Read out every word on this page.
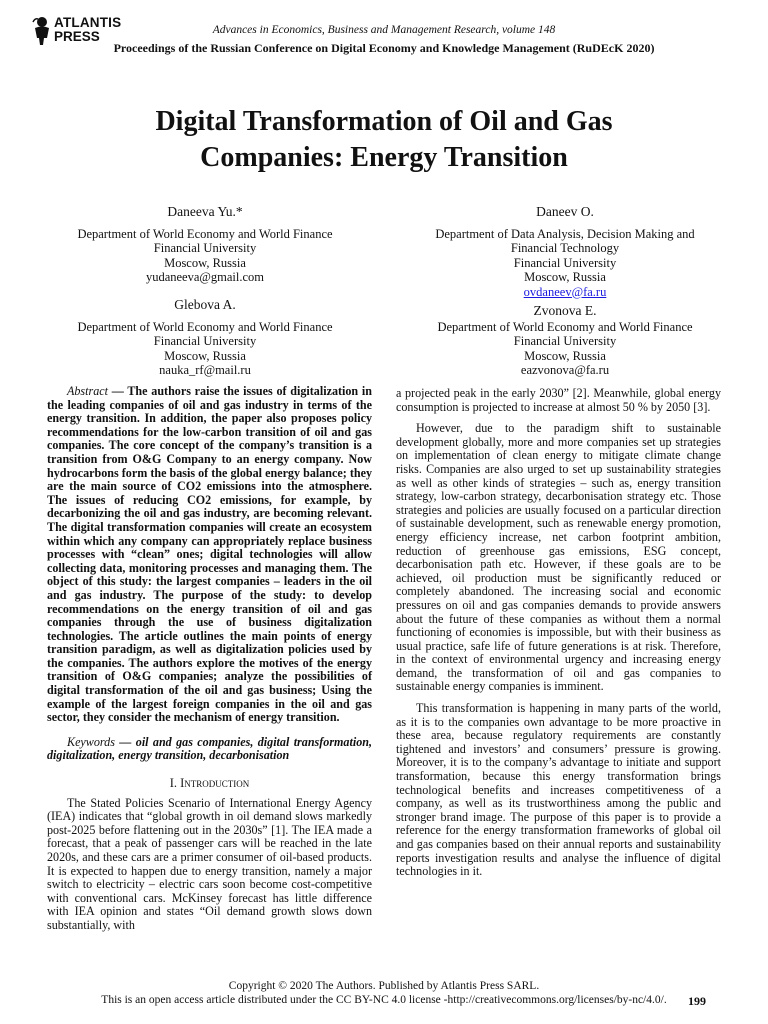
ATLANTIS
PRESS	Advances in Economics, Business and Management Research, volume 148
Proceedings of the Russian Conference on Digital Economy and Knowledge Management (RuDEcK 2020)
Digital Transformation of Oil and Gas
Companies: Energy Transition
Daneeva Yu.*
Department of World Economy and World Finance
Financial University
Moscow, Russia
yudaneeva@gmail.com
Daneev O.
Department of Data Analysis, Decision Making and
Financial Technology
Financial University
Moscow, Russia
ovdaneev@fa.ru
Glebova A.
Department of World Economy and World Finance
Financial University
Moscow, Russia
nauka_rf@mail.ru
Zvonova E.
Department of World Economy and World Finance
Financial University
Moscow, Russia
eazvonova@fa.ru

Abstract — The authors raise the issues of digitalization in the leading companies of oil and gas industry in terms of the energy transition. In addition, the paper also proposes policy recommendations for the low-carbon transition of oil and gas companies. The core concept of the company’s transition is a transition from O&G Company to an energy company. Now hydrocarbons form the basis of the global energy balance; they are the main source of CO2 emissions into the atmosphere. The issues of reducing CO2 emissions, for example, by decarbonizing the oil and gas industry, are becoming relevant. The digital transformation companies will create an ecosystem within which any company can appropriately replace business processes with “clean” ones; digital technologies will allow collecting data, monitoring processes and managing them. The object of this study: the largest companies – leaders in the oil and gas industry. The purpose of the study: to develop recommendations on the energy transition of oil and gas companies through the use of business digitalization technologies. The article outlines the main points of energy transition paradigm, as well as digitalization policies used by the companies. The authors explore the motives of the energy transition of O&G companies; analyze the possibilities of digital transformation of the oil and gas business; Using the example of the largest foreign companies in the oil and gas sector, they consider the mechanism of energy transition.

Keywords — oil and gas companies, digital transformation, digitalization, energy transition, decarbonisation

I. Introduction

The Stated Policies Scenario of International Energy Agency (IEA) indicates that “global growth in oil demand slows markedly post-2025 before flattening out in the 2030s” [1]. The IEA made a forecast, that a peak of passenger cars will be reached in the late 2020s, and these cars are a primer consumer of oil-based products. It is expected to happen due to energy transition, namely a major switch to electricity – electric cars soon become cost-competitive with conventional cars. McKinsey forecast has little difference with IEA opinion and states “Oil demand growth slows down substantially, with

a projected peak in the early 2030” [2]. Meanwhile, global energy consumption is projected to increase at almost 50 % by 2050 [3].

However, due to the paradigm shift to sustainable development globally, more and more companies set up strategies on implementation of clean energy to mitigate climate change risks. Companies are also urged to set up sustainability strategies as well as other kinds of strategies – such as, energy transition strategy, low-carbon strategy, decarbonisation strategy etc. Those strategies and policies are usually focused on a particular direction of sustainable development, such as renewable energy promotion, energy efficiency increase, net carbon footprint ambition, reduction of greenhouse gas emissions, ESG concept, decarbonisation path etc. However, if these goals are to be achieved, oil production must be significantly reduced or completely abandoned. The increasing social and economic pressures on oil and gas companies demands to provide answers about the future of these companies as without them a normal functioning of economies is impossible, but with their business as usual practice, safe life of future generations is at risk. Therefore, in the context of environmental urgency and increasing energy demand, the transformation of oil and gas companies to sustainable energy companies is imminent.

This transformation is happening in many parts of the world, as it is to the companies own advantage to be more proactive in these area, because regulatory requirements are constantly tightened and investors’ and consumers’ pressure is growing. Moreover, it is to the company’s advantage to initiate and support transformation, because this energy transformation brings technological benefits and increases competitiveness of a company, as well as its trustworthiness among the public and stronger brand image. The purpose of this paper is to provide a reference for the energy transformation frameworks of global oil and gas companies based on their annual reports and sustainability reports investigation results and analyse the influence of digital technologies in it.

Copyright © 2020 The Authors. Published by Atlantis Press SARL.
This is an open access article distributed under the CC BY-NC 4.0 license -http://creativecommons.org/licenses/by-nc/4.0/.	199
